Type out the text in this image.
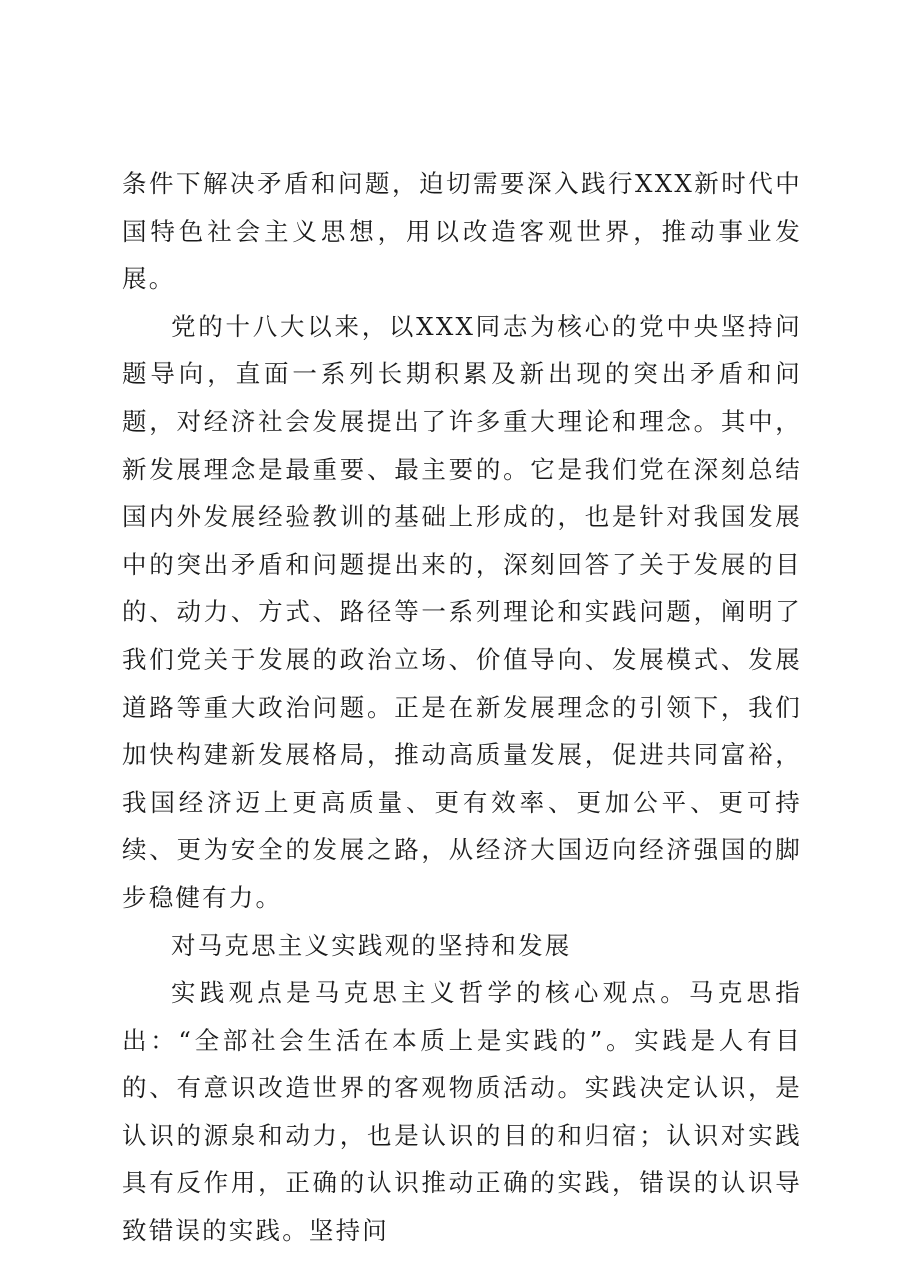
条件下解决矛盾和问题，迫切需要深入践行XXX新时代中国特色社会主义思想，用以改造客观世界，推动事业发展。

党的十八大以来，以XXX同志为核心的党中央坚持问题导向，直面一系列长期积累及新出现的突出矛盾和问题，对经济社会发展提出了许多重大理论和理念。其中，新发展理念是最重要、最主要的。它是我们党在深刻总结国内外发展经验教训的基础上形成的，也是针对我国发展中的突出矛盾和问题提出来的，深刻回答了关于发展的目的、动力、方式、路径等一系列理论和实践问题，阐明了我们党关于发展的政治立场、价值导向、发展模式、发展道路等重大政治问题。正是在新发展理念的引领下，我们加快构建新发展格局，推动高质量发展，促进共同富裕，我国经济迈上更高质量、更有效率、更加公平、更可持续、更为安全的发展之路，从经济大国迈向经济强国的脚步稳健有力。

对马克思主义实践观的坚持和发展

实践观点是马克思主义哲学的核心观点。马克思指出：“全部社会生活在本质上是实践的”。实践是人有目的、有意识改造世界的客观物质活动。实践决定认识，是认识的源泉和动力，也是认识的目的和归宿；认识对实践具有反作用，正确的认识推动正确的实践，错误的认识导致错误的实践。坚持问
